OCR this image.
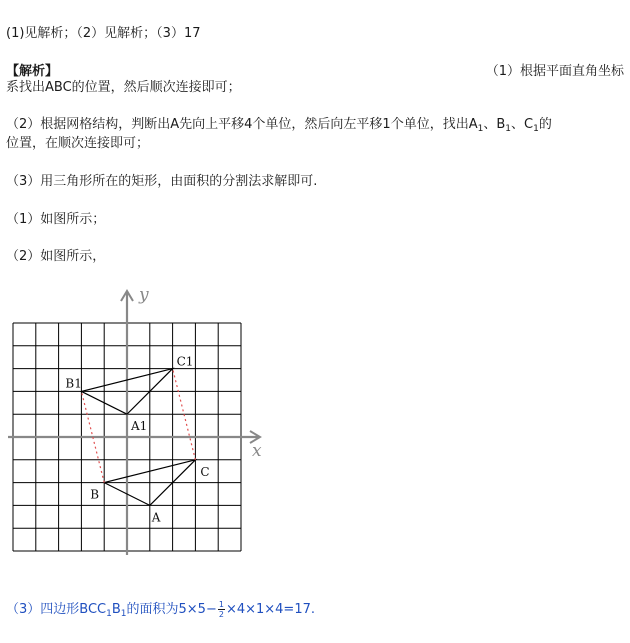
(1)见解析；（2）见解析；（3）17
【解析】	（1）根据平面直角坐标
系找出ABC的位置，然后顺次连接即可；
（2）根据网格结构，判断出A先向上平移4个单位，然后向左平移1个单位，找出$A_1$、$B_1$、$C_1$的
位置，在顺次连接即可；
（3）用三角形所在的矩形，由面积的分割法求解即可.
（1）如图所示；
（2）如图所示，
x
y
A
B
C
A1
B1
C1
（3）四边形$BCC_1B_1$的面积为$5\times 5- \frac{1}{2} \times 4\times 1\times 4=17$.
